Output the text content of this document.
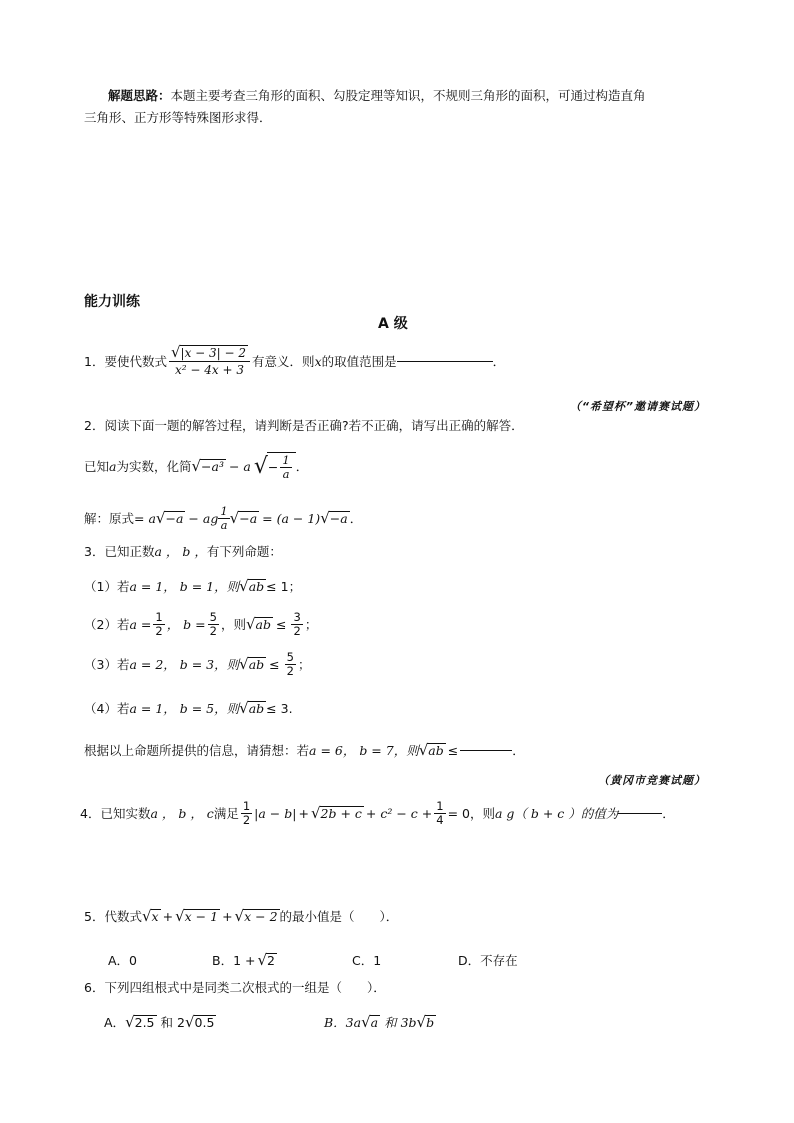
解题思路：本题主要考查三角形的面积、勾股定理等知识，不规则三角形的面积，可通过构造直角
三角形、正方形等特殊图形求得．
能力训练
A 级
1．要使代数式 $\frac{√|x - 3| - 2}{\text{x² − 4x + 3}}$ 有意义．则 x 的取值范围是	．
（“希望杯”邀请赛试题）
2．阅读下面一题的解答过程，请判断是否正确?若不正确，请写出正确的解答．
已知 a 为实数，化简 √ −a³ − a √ − $\frac{1}{a}$ ．
解：原式 = a √ −a − ag $\frac{1}{a}$ √ −a = (a − 1) √ −a ．
3．已知正数a ， b ，有下列命题：
（1）若 a = 1， b = 1，则 √ ab ≤ 1；
（2）若 $a = \frac{1}{2}$ ， $b = \frac{5}{2}$ ，则 √ ab ≤ $\frac{3}{2}$ ；
（3）若 a = 2， b = 3，则 √ ab ≤ $\frac{5}{2}$ ；
（4）若 a = 1， b = 5，则 √ ab ≤ 3.
根据以上命题所提供的信息，请猜想：若 a = 6， b = 7，则 √ ab ≤	．
（黄冈市竞赛试题）
4．已知实数 a ， b ， c 满足 $\frac{1}{2} |a - b|$ + √ $2b + c + c^2 - c + \frac{1}{4} = 0$，则 a g（ b + c ）的值为	．
5．代数式 √ x + √ x − 1 + √ x − 2 的最小值是（　　）．
A．0	B．1 + √ 2	C．1	D．不存在
6．下列四组根式中是同类二次根式的一组是（　　）．
A． √ 2.5 和 2 √ 0.5	B．3a √ a 和 3b √ b
